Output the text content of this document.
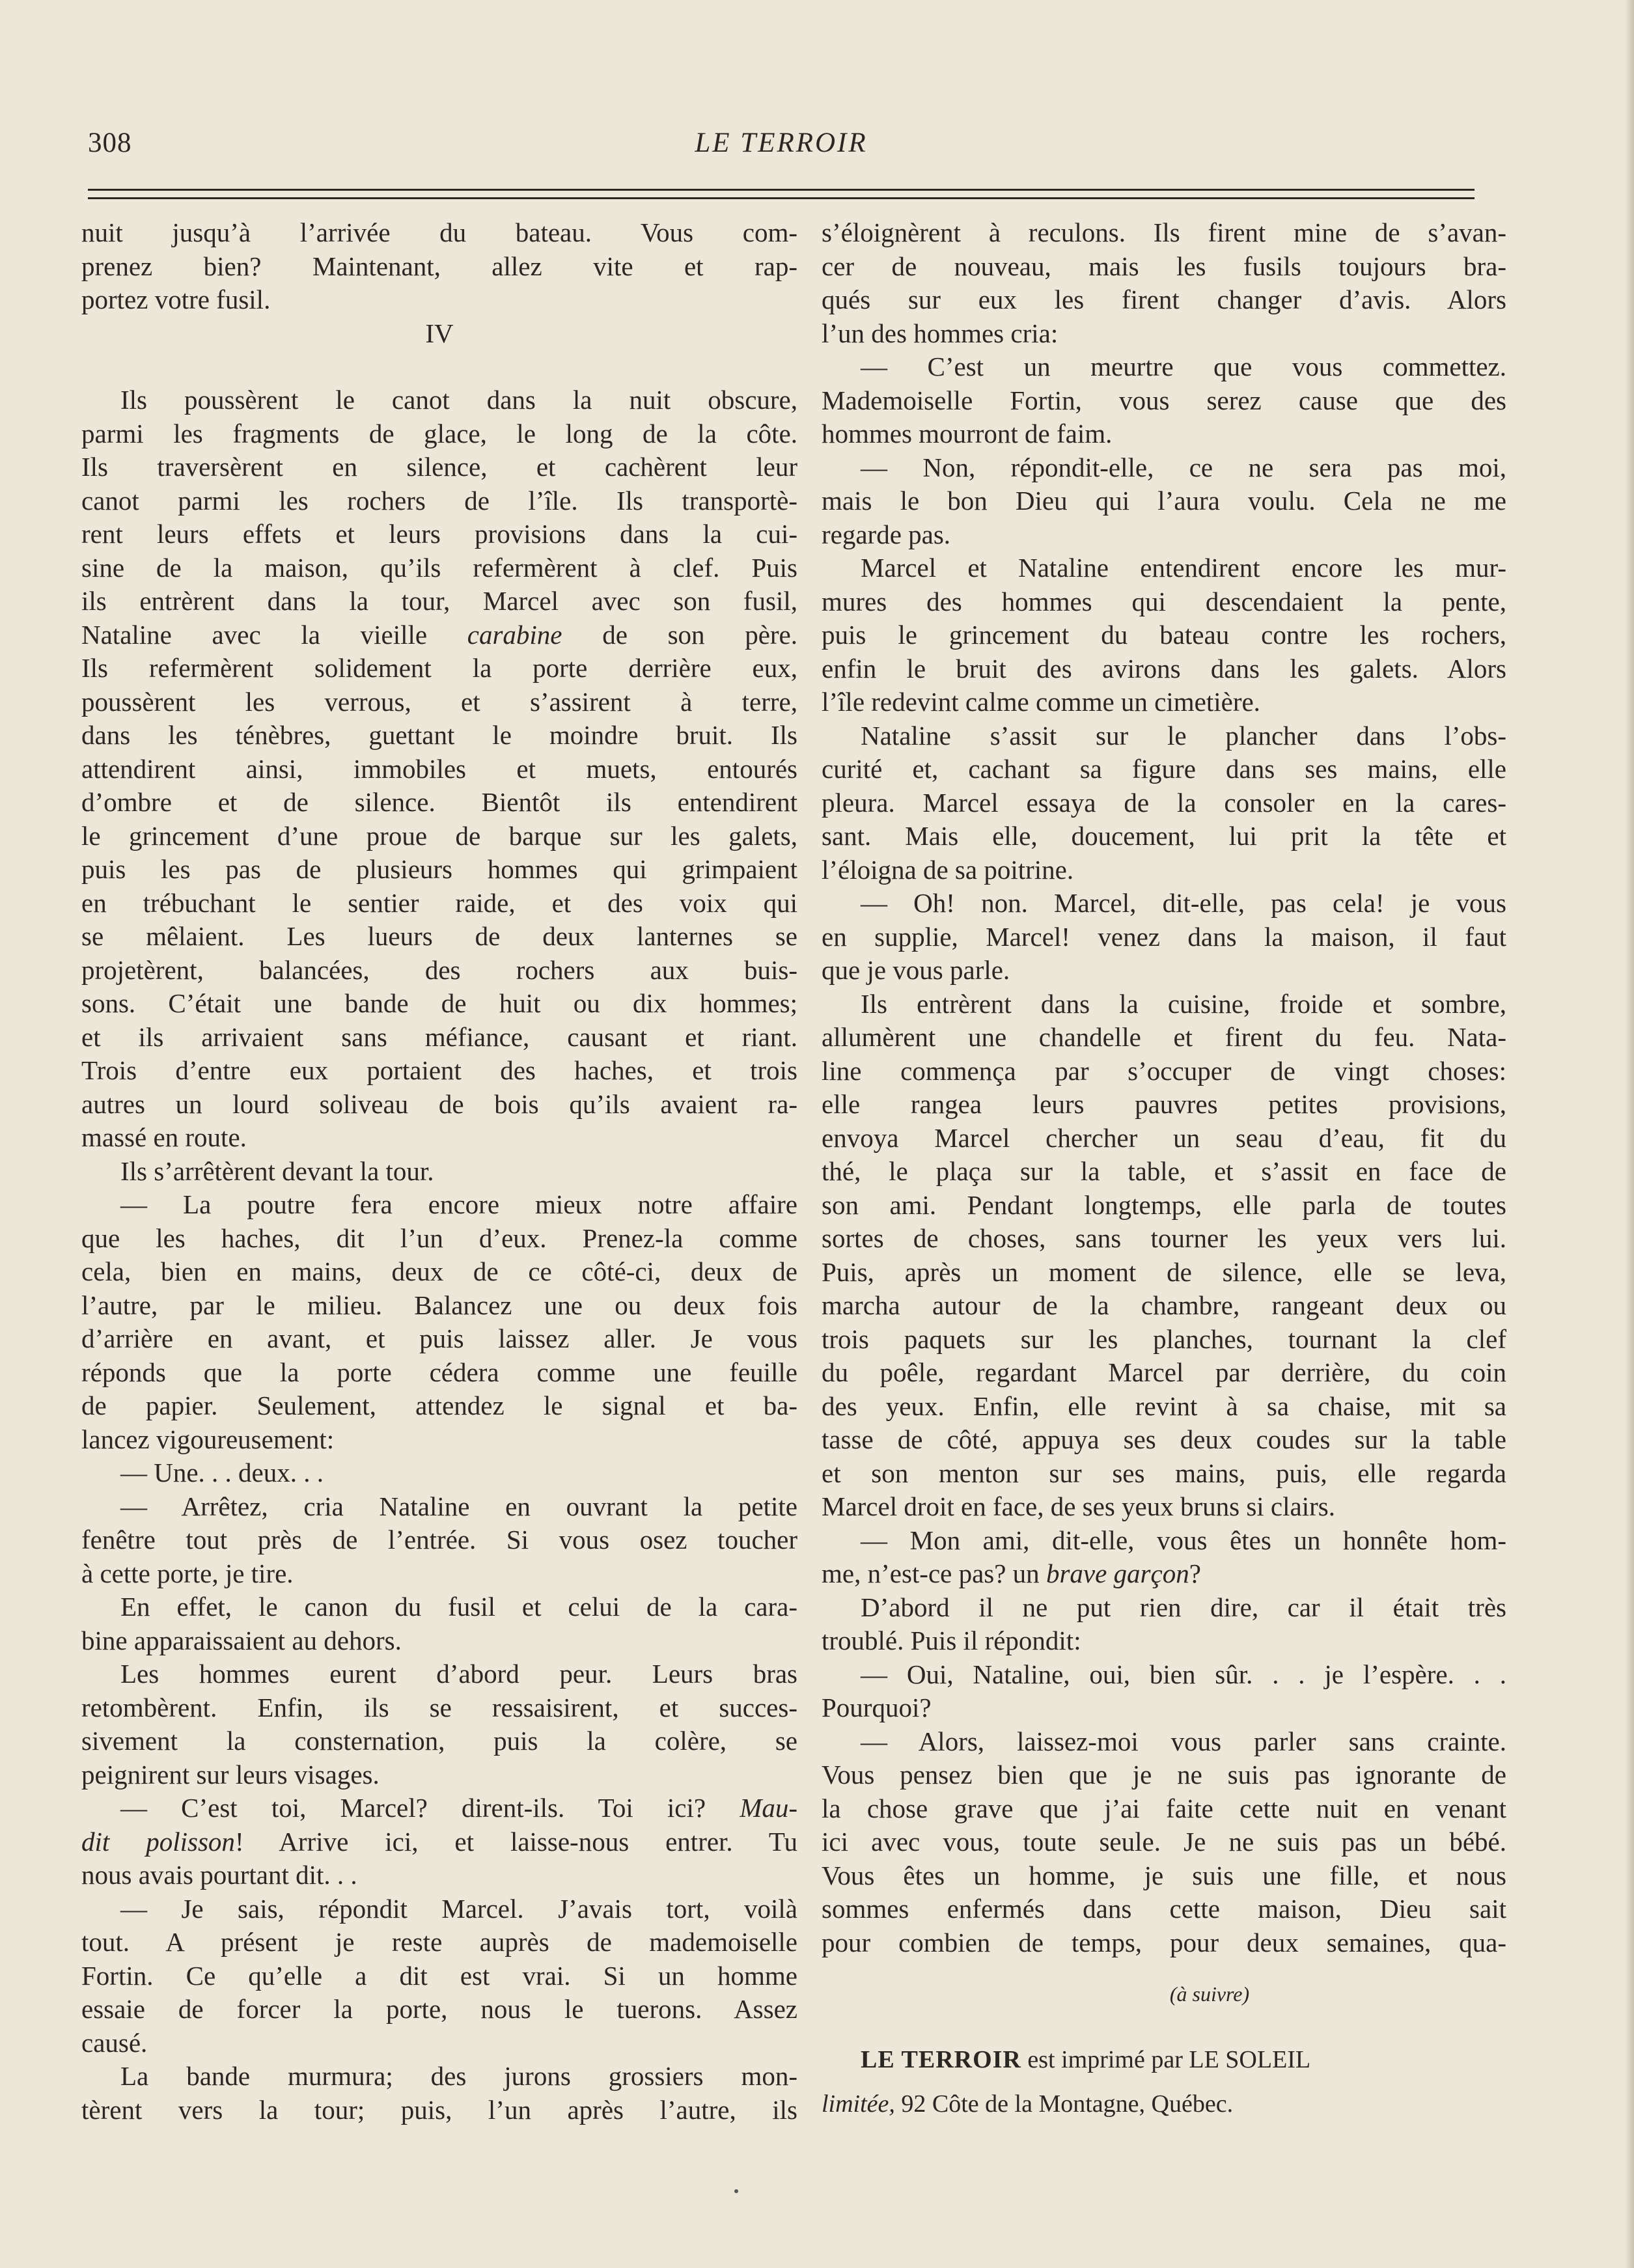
308	LE TERROIR

nuit jusqu’à l’arrivée du bateau. Vous com-
prenez bien? Maintenant, allez vite et rap-
portez votre fusil.

IV

Ils poussèrent le canot dans la nuit obscure,
parmi les fragments de glace, le long de la côte.
Ils traversèrent en silence, et cachèrent leur
canot parmi les rochers de l’île. Ils transportè-
rent leurs effets et leurs provisions dans la cui-
sine de la maison, qu’ils refermèrent à clef. Puis
ils entrèrent dans la tour, Marcel avec son fusil,
Nataline avec la vieille carabine de son père.
Ils refermèrent solidement la porte derrière eux,
poussèrent les verrous, et s’assirent à terre,
dans les ténèbres, guettant le moindre bruit. Ils
attendirent ainsi, immobiles et muets, entourés
d’ombre et de silence. Bientôt ils entendirent
le grincement d’une proue de barque sur les galets,
puis les pas de plusieurs hommes qui grimpaient
en trébuchant le sentier raide, et des voix qui
se mêlaient. Les lueurs de deux lanternes se
projetèrent, balancées, des rochers aux buis-
sons. C’était une bande de huit ou dix hommes;
et ils arrivaient sans méfiance, causant et riant.
Trois d’entre eux portaient des haches, et trois
autres un lourd soliveau de bois qu’ils avaient ra-
massé en route.

Ils s’arrêtèrent devant la tour.

— La poutre fera encore mieux notre affaire
que les haches, dit l’un d’eux. Prenez-la comme
cela, bien en mains, deux de ce côté-ci, deux de
l’autre, par le milieu. Balancez une ou deux fois
d’arrière en avant, et puis laissez aller. Je vous
réponds que la porte cédera comme une feuille
de papier. Seulement, attendez le signal et ba-
lancez vigoureusement:

— Une. . . deux. . .

— Arrêtez, cria Nataline en ouvrant la petite
fenêtre tout près de l’entrée. Si vous osez toucher
à cette porte, je tire.

En effet, le canon du fusil et celui de la cara-
bine apparaissaient au dehors.

Les hommes eurent d’abord peur. Leurs bras
retombèrent. Enfin, ils se ressaisirent, et succes-
sivement la consternation, puis la colère, se
peignirent sur leurs visages.

— C’est toi, Marcel? dirent-ils. Toi ici? Mau-
dit polisson! Arrive ici, et laisse-nous entrer. Tu
nous avais pourtant dit. . .

— Je sais, répondit Marcel. J’avais tort, voilà
tout. A présent je reste auprès de mademoiselle
Fortin. Ce qu’elle a dit est vrai. Si un homme
essaie de forcer la porte, nous le tuerons. Assez
causé.

La bande murmura; des jurons grossiers mon-
tèrent vers la tour; puis, l’un après l’autre, ils

s’éloignèrent à reculons. Ils firent mine de s’avan-
cer de nouveau, mais les fusils toujours bra-
qués sur eux les firent changer d’avis. Alors
l’un des hommes cria:

— C’est un meurtre que vous commettez.
Mademoiselle Fortin, vous serez cause que des
hommes mourront de faim.

— Non, répondit-elle, ce ne sera pas moi,
mais le bon Dieu qui l’aura voulu. Cela ne me
regarde pas.

Marcel et Nataline entendirent encore les mur-
mures des hommes qui descendaient la pente,
puis le grincement du bateau contre les rochers,
enfin le bruit des avirons dans les galets. Alors
l’île redevint calme comme un cimetière.

Nataline s’assit sur le plancher dans l’obs-
curité et, cachant sa figure dans ses mains, elle
pleura. Marcel essaya de la consoler en la cares-
sant. Mais elle, doucement, lui prit la tête et
l’éloigna de sa poitrine.

— Oh! non. Marcel, dit-elle, pas cela! je vous
en supplie, Marcel! venez dans la maison, il faut
que je vous parle.

Ils entrèrent dans la cuisine, froide et sombre,
allumèrent une chandelle et firent du feu. Nata-
line commença par s’occuper de vingt choses:
elle rangea leurs pauvres petites provisions,
envoya Marcel chercher un seau d’eau, fit du
thé, le plaça sur la table, et s’assit en face de
son ami. Pendant longtemps, elle parla de toutes
sortes de choses, sans tourner les yeux vers lui.
Puis, après un moment de silence, elle se leva,
marcha autour de la chambre, rangeant deux ou
trois paquets sur les planches, tournant la clef
du poêle, regardant Marcel par derrière, du coin
des yeux. Enfin, elle revint à sa chaise, mit sa
tasse de côté, appuya ses deux coudes sur la table
et son menton sur ses mains, puis, elle regarda
Marcel droit en face, de ses yeux bruns si clairs.

— Mon ami, dit-elle, vous êtes un honnête hom-
me, n’est-ce pas? un brave garçon?

D’abord il ne put rien dire, car il était très
troublé. Puis il répondit:

— Oui, Nataline, oui, bien sûr. . . je l’espère. . .
Pourquoi?

— Alors, laissez-moi vous parler sans crainte.
Vous pensez bien que je ne suis pas ignorante de
la chose grave que j’ai faite cette nuit en venant
ici avec vous, toute seule. Je ne suis pas un bébé.
Vous êtes un homme, je suis une fille, et nous
sommes enfermés dans cette maison, Dieu sait
pour combien de temps, pour deux semaines, qua-

(à suivre)
LE TERROIR est imprimé par LE SOLEIL
limitée, 92 Côte de la Montagne, Québec.
